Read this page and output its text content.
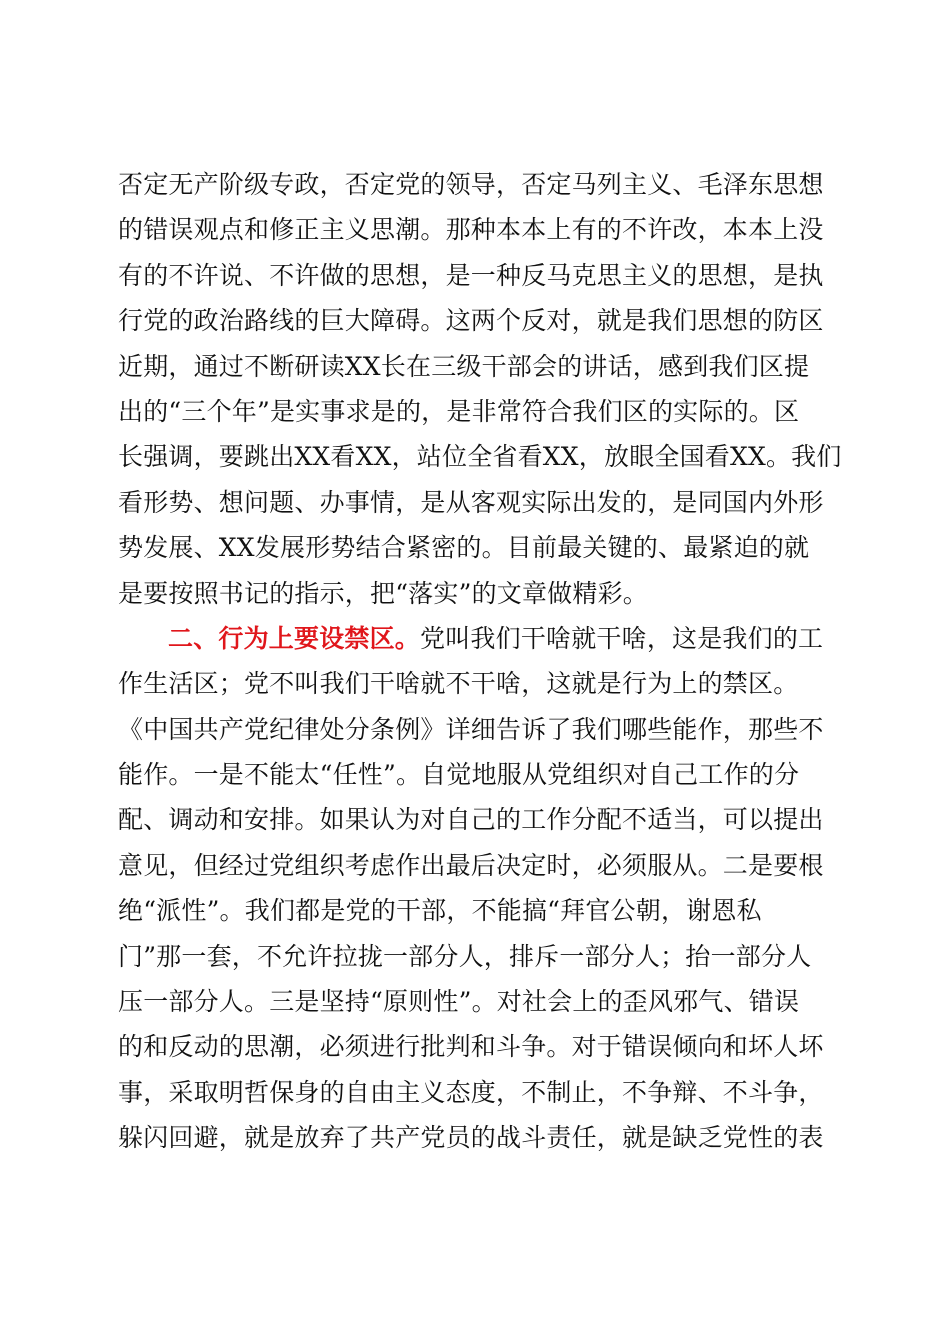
否定无产阶级专政，否定党的领导，否定马列主义、毛泽东思想
的错误观点和修正主义思潮。那种本本上有的不许改，本本上没
有的不许说、不许做的思想，是一种反马克思主义的思想，是执
行党的政治路线的巨大障碍。这两个反对，就是我们思想的防区
近期，通过不断研读XX长在三级干部会的讲话，感到我们区提
出的“三个年”是实事求是的，是非常符合我们区的实际的。区
长强调，要跳出XX看XX，站位全省看XX，放眼全国看XX。我们
看形势、想问题、办事情，是从客观实际出发的，是同国内外形
势发展、XX发展形势结合紧密的。目前最关键的、最紧迫的就
是要按照书记的指示，把“落实”的文章做精彩。
二、行为上要设禁区。党叫我们干啥就干啥，这是我们的工
作生活区；党不叫我们干啥就不干啥，这就是行为上的禁区。
《中国共产党纪律处分条例》详细告诉了我们哪些能作，那些不
能作。一是不能太“任性”。自觉地服从党组织对自己工作的分
配、调动和安排。如果认为对自己的工作分配不适当，可以提出
意见，但经过党组织考虑作出最后决定时，必须服从。二是要根
绝“派性”。我们都是党的干部，不能搞“拜官公朝，谢恩私
门”那一套，不允许拉拢一部分人，排斥一部分人；抬一部分人
压一部分人。三是坚持“原则性”。对社会上的歪风邪气、错误
的和反动的思潮，必须进行批判和斗争。对于错误倾向和坏人坏
事，采取明哲保身的自由主义态度，不制止，不争辩、不斗争，
躲闪回避，就是放弃了共产党员的战斗责任，就是缺乏党性的表
